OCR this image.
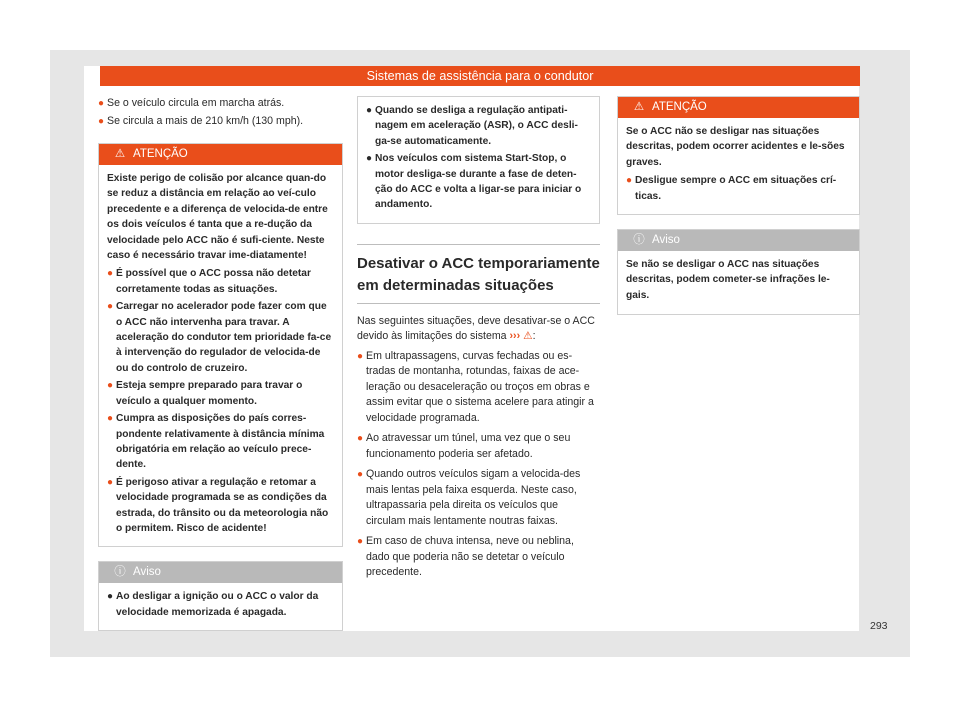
Sistemas de assistência para o condutor
● Se o veículo circula em marcha atrás.
● Se circula a mais de 210 km/h (130 mph).
⚠ ATENÇÃO

Existe perigo de colisão por alcance quan-do se reduz a distância em relação ao veí-culo precedente e a diferença de velocida-de entre os dois veículos é tanta que a re-dução da velocidade pelo ACC não é sufi-ciente. Neste caso é necessário travar ime-diatamente!

● É possível que o ACC possa não detetar corretamente todas as situações.
● Carregar no acelerador pode fazer com que o ACC não intervenha para travar. A aceleração do condutor tem prioridade fa-ce à intervenção do regulador de velocida-de ou do controlo de cruzeiro.
● Esteja sempre preparado para travar o veículo a qualquer momento.
● Cumpra as disposições do país corres-pondente relativamente à distância mínima obrigatória em relação ao veículo prece-dente.
● É perigoso ativar a regulação e retomar a velocidade programada se as condições da estrada, do trânsito ou da meteorologia não o permitem. Risco de acidente!
ⓘ Aviso
● Ao desligar a ignição ou o ACC o valor da velocidade memorizada é apagada.
● Quando se desliga a regulação antipati-nagem em aceleração (ASR), o ACC desli-ga-se automaticamente.
● Nos veículos com sistema Start-Stop, o motor desliga-se durante a fase de deten-ção do ACC e volta a ligar-se para iniciar o andamento.
Desativar o ACC temporariamente em determinadas situações

Nas seguintes situações, deve desativar-se o ACC devido às limitações do sistema ››› ⚠:

● Em ultrapassagens, curvas fechadas ou es-tradas de montanha, rotundas, faixas de ace-leração ou desaceleração ou troços em obras e assim evitar que o sistema acelere para atingir a velocidade programada.
● Ao atravessar um túnel, uma vez que o seu funcionamento poderia ser afetado.
● Quando outros veículos sigam a velocida-des mais lentas pela faixa esquerda. Neste caso, ultrapassaria pela direita os veículos que circulam mais lentamente noutras faixas.
● Em caso de chuva intensa, neve ou neblina, dado que poderia não se detetar o veículo precedente.
⚠ ATENÇÃO

Se o ACC não se desligar nas situações descritas, podem ocorrer acidentes e le-sões graves.

● Desligue sempre o ACC em situações crí-ticas.
ⓘ Aviso

Se não se desligar o ACC nas situações descritas, podem cometer-se infrações le-gais.

293
